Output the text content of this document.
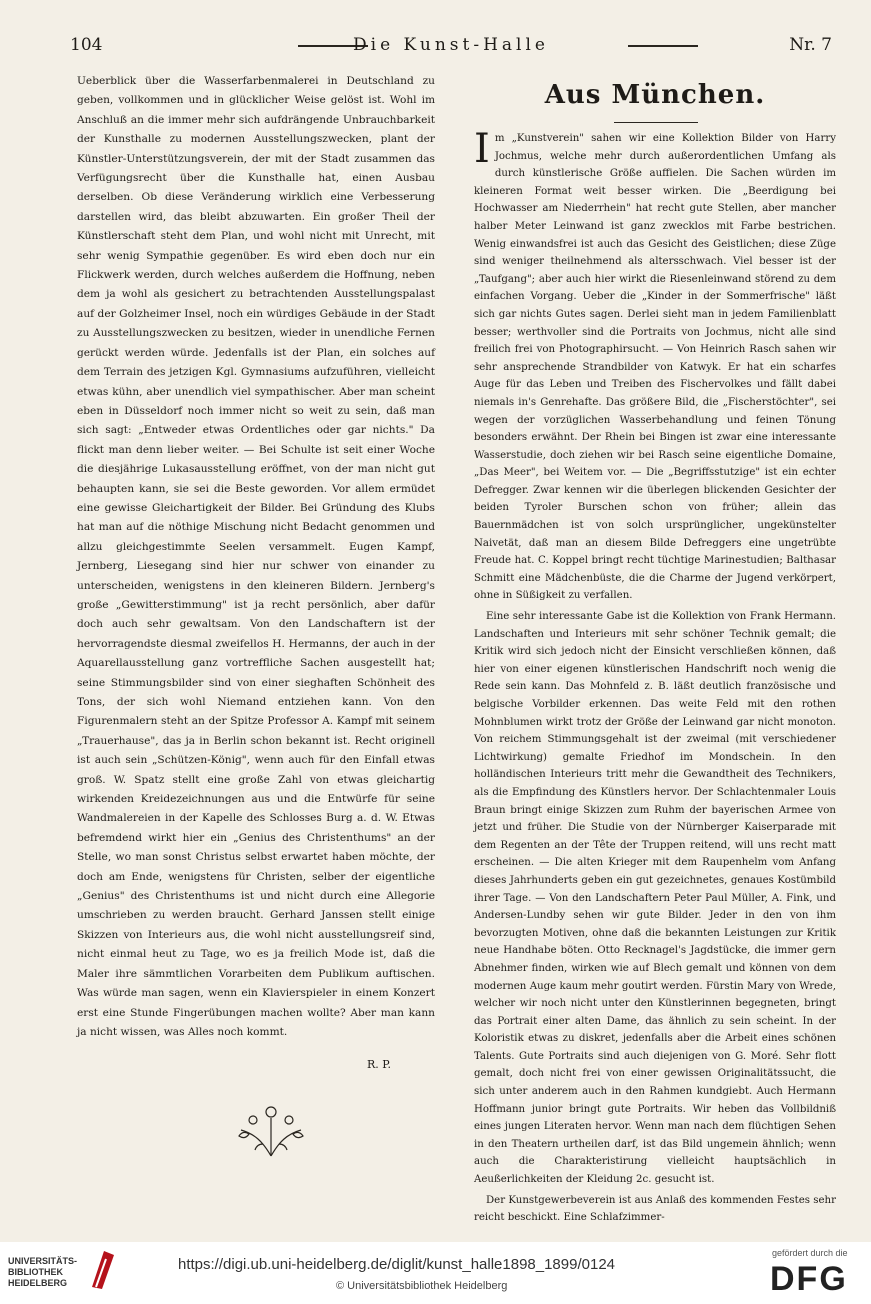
104	Die Kunst-Halle	Nr. 7

Ueberblick über die Wasserfarbenmalerei in Deutschland zu geben, vollkommen und in glücklicher Weise gelöst ist. Wohl im Anschluß an die immer mehr sich aufdrängende Unbrauchbarkeit der Kunsthalle zu modernen Ausstellungszwecken, plant der Künstler-Unterstützungsverein, der mit der Stadt zusammen das Verfügungsrecht über die Kunsthalle hat, einen Ausbau derselben. Ob diese Veränderung wirklich eine Verbesserung darstellen wird, das bleibt abzuwarten. Ein großer Theil der Künstlerschaft steht dem Plan, und wohl nicht mit Unrecht, mit sehr wenig Sympathie gegenüber. Es wird eben doch nur ein Flickwerk werden, durch welches außerdem die Hoffnung, neben dem ja wohl als gesichert zu betrachtenden Ausstellungspalast auf der Golzheimer Insel, noch ein würdiges Gebäude in der Stadt zu Ausstellungszwecken zu besitzen, wieder in unendliche Fernen gerückt werden würde. Jedenfalls ist der Plan, ein solches auf dem Terrain des jetzigen Kgl. Gymnasiums aufzuführen, vielleicht etwas kühn, aber unendlich viel sympathischer. Aber man scheint eben in Düsseldorf noch immer nicht so weit zu sein, daß man sich sagt: „Entweder etwas Ordentliches oder gar nichts." Da flickt man denn lieber weiter. — Bei Schulte ist seit einer Woche die diesjährige Lukasausstellung eröffnet, von der man nicht gut behaupten kann, sie sei die Beste geworden. Vor allem ermüdet eine gewisse Gleichartigkeit der Bilder. Bei Gründung des Klubs hat man auf die nöthige Mischung nicht Bedacht genommen und allzu gleichgestimmte Seelen versammelt. Eugen Kampf, Jernberg, Liesegang sind hier nur schwer von einander zu unterscheiden, wenigstens in den kleineren Bildern. Jernberg's große „Gewitterstimmung" ist ja recht persönlich, aber dafür doch auch sehr gewaltsam. Von den Landschaftern ist der hervorragendste diesmal zweifellos H. Hermanns, der auch in der Aquarellausstellung ganz vortreffliche Sachen ausgestellt hat; seine Stimmungsbilder sind von einer sieghaften Schönheit des Tons, der sich wohl Niemand entziehen kann. Von den Figurenmalern steht an der Spitze Professor A. Kampf mit seinem „Trauerhause", das ja in Berlin schon bekannt ist. Recht originell ist auch sein „Schützen-König", wenn auch für den Einfall etwas groß. W. Spatz stellt eine große Zahl von etwas gleichartig wirkenden Kreidezeichnungen aus und die Entwürfe für seine Wandmalereien in der Kapelle des Schlosses Burg a. d. W. Etwas befremdend wirkt hier ein „Genius des Christenthums" an der Stelle, wo man sonst Christus selbst erwartet haben möchte, der doch am Ende, wenigstens für Christen, selber der eigentliche „Genius" des Christenthums ist und nicht durch eine Allegorie umschrieben zu werden braucht. Gerhard Janssen stellt einige Skizzen von Interieurs aus, die wohl nicht ausstellungsreif sind, nicht einmal heut zu Tage, wo es ja freilich Mode ist, daß die Maler ihre sämmtlichen Vorarbeiten dem Publikum auftischen. Was würde man sagen, wenn ein Klavierspieler in einem Konzert erst eine Stunde Fingerübungen machen wollte? Aber man kann ja nicht wissen, was Alles noch kommt.

R. P.
Aus München.

Im „Kunstverein" sahen wir eine Kollektion Bilder von Harry Jochmus, welche mehr durch außerordentlichen Umfang als durch künstlerische Größe auffielen. Die Sachen würden im kleineren Format weit besser wirken. Die „Beerdigung bei Hochwasser am Niederrhein" hat recht gute Stellen, aber mancher halber Meter Leinwand ist ganz zwecklos mit Farbe bestrichen. Wenig einwandsfrei ist auch das Gesicht des Geistlichen; diese Züge sind weniger theilnehmend als altersschwach. Viel besser ist der „Taufgang"; aber auch hier wirkt die Riesenleinwand störend zu dem einfachen Vorgang. Ueber die „Kinder in der Sommerfrische" läßt sich gar nichts Gutes sagen. Derlei sieht man in jedem Familienblatt besser; werthvoller sind die Portraits von Jochmus, nicht alle sind freilich frei von Photographirsucht. — Von Heinrich Rasch sahen wir sehr ansprechende Strandbilder von Katwyk. Er hat ein scharfes Auge für das Leben und Treiben des Fischervolkes und fällt dabei niemals in's Genrehafte. Das größere Bild, die „Fischerstöchter", sei wegen der vorzüglichen Wasserbehandlung und feinen Tönung besonders erwähnt. Der Rhein bei Bingen ist zwar eine interessante Wasserstudie, doch ziehen wir bei Rasch seine eigentliche Domaine, „Das Meer", bei Weitem vor. — Die „Begriffsstutzige" ist ein echter Defregger. Zwar kennen wir die überlegen blickenden Gesichter der beiden Tyroler Burschen schon von früher; allein das Bauernmädchen ist von solch ursprünglicher, ungekünstelter Naivetät, daß man an diesem Bilde Defreggers eine ungetrübte Freude hat. C. Koppel bringt recht tüchtige Marinestudien; Balthasar Schmitt eine Mädchenbüste, die die Charme der Jugend verkörpert, ohne in Süßigkeit zu verfallen.

Eine sehr interessante Gabe ist die Kollektion von Frank Hermann. Landschaften und Interieurs mit sehr schöner Technik gemalt; die Kritik wird sich jedoch nicht der Einsicht verschließen können, daß hier von einer eigenen künstlerischen Handschrift noch wenig die Rede sein kann. Das Mohnfeld z. B. läßt deutlich französische und belgische Vorbilder erkennen. Das weite Feld mit den rothen Mohnblumen wirkt trotz der Größe der Leinwand gar nicht monoton. Von reichem Stimmungsgehalt ist der zweimal (mit verschiedener Lichtwirkung) gemalte Friedhof im Mondschein. In den holländischen Interieurs tritt mehr die Gewandtheit des Technikers, als die Empfindung des Künstlers hervor. Der Schlachtenmaler Louis Braun bringt einige Skizzen zum Ruhm der bayerischen Armee von jetzt und früher. Die Studie von der Nürnberger Kaiserparade mit dem Regenten an der Tête der Truppen reitend, will uns recht matt erscheinen. — Die alten Krieger mit dem Raupenhelm vom Anfang dieses Jahrhunderts geben ein gut gezeichnetes, genaues Kostümbild ihrer Tage. — Von den Landschaftern Peter Paul Müller, A. Fink, und Andersen-Lundby sehen wir gute Bilder. Jeder in den von ihm bevorzugten Motiven, ohne daß die bekannten Leistungen zur Kritik neue Handhabe böten. Otto Recknagel's Jagdstücke, die immer gern Abnehmer finden, wirken wie auf Blech gemalt und können von dem modernen Auge kaum mehr goutirt werden. Fürstin Mary von Wrede, welcher wir noch nicht unter den Künstlerinnen begegneten, bringt das Portrait einer alten Dame, das ähnlich zu sein scheint. In der Koloristik etwas zu diskret, jedenfalls aber die Arbeit eines schönen Talents. Gute Portraits sind auch diejenigen von G. Moré. Sehr flott gemalt, doch nicht frei von einer gewissen Originalitätssucht, die sich unter anderem auch in den Rahmen kundgiebt. Auch Hermann Hoffmann junior bringt gute Portraits. Wir heben das Vollbildniß eines jungen Literaten hervor. Wenn man nach dem flüchtigen Sehen in den Theatern urtheilen darf, ist das Bild ungemein ähnlich; wenn auch die Charakteristirung vielleicht hauptsächlich in Aeußerlichkeiten der Kleidung 2c. gesucht ist.

Der Kunstgewerbeverein ist aus Anlaß des kommenden Festes sehr reicht beschickt. Eine Schlafzimmer-

UNIVERSITÄTS-BIBLIOTHEK HEIDELBERG
https://digi.ub.uni-heidelberg.de/diglit/kunst_halle1898_1899/0124
© Universitätsbibliothek Heidelberg
gefördert durch die
DFG
